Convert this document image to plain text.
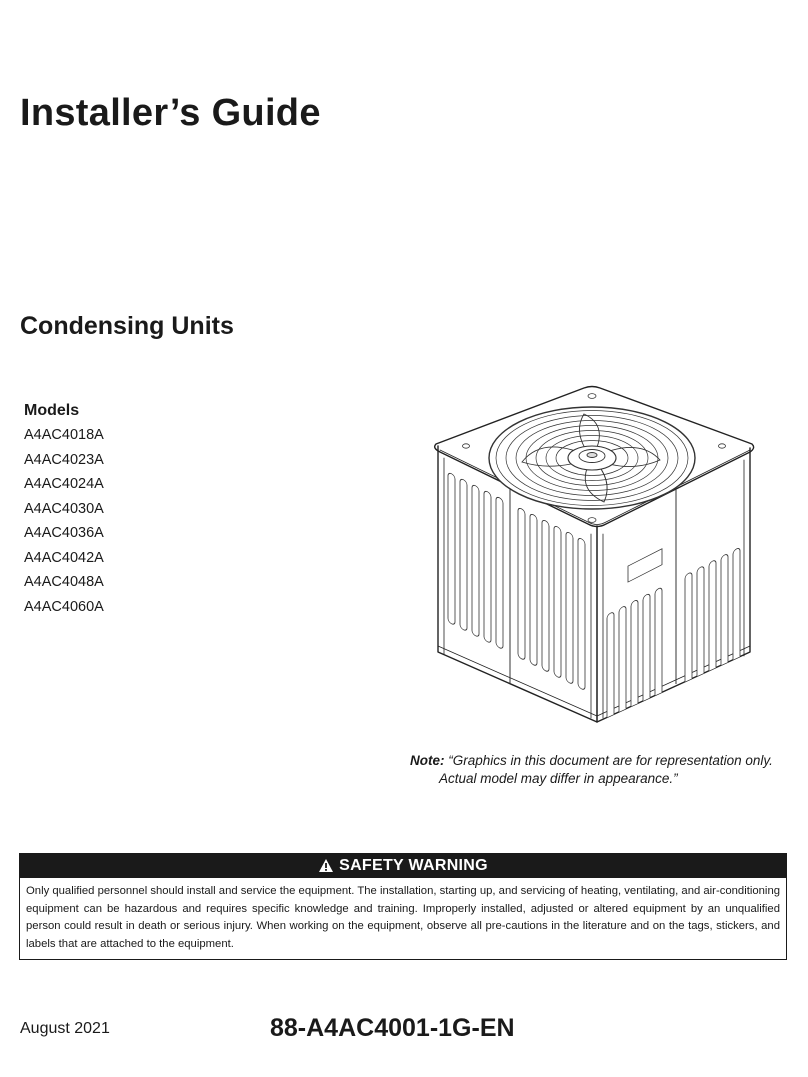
Installer’s Guide
Condensing Units
Models
A4AC4018A
A4AC4023A
A4AC4024A
A4AC4030A
A4AC4036A
A4AC4042A
A4AC4048A
A4AC4060A
Note: “Graphics in this document are for representation only.
Actual model may differ in appearance.”
SAFETY WARNING
Only qualified personnel should install and service the equipment. The installation, starting up, and servicing of heating, ventilating, and air-conditioning equipment can be hazardous and requires specific knowledge and training. Improperly installed, adjusted or altered equipment by an unqualified person could result in death or serious injury. When working on the equipment, observe all pre-cautions in the literature and on the tags, stickers, and labels that are attached to the equipment.
August 2021	88-A4AC4001-1G-EN
